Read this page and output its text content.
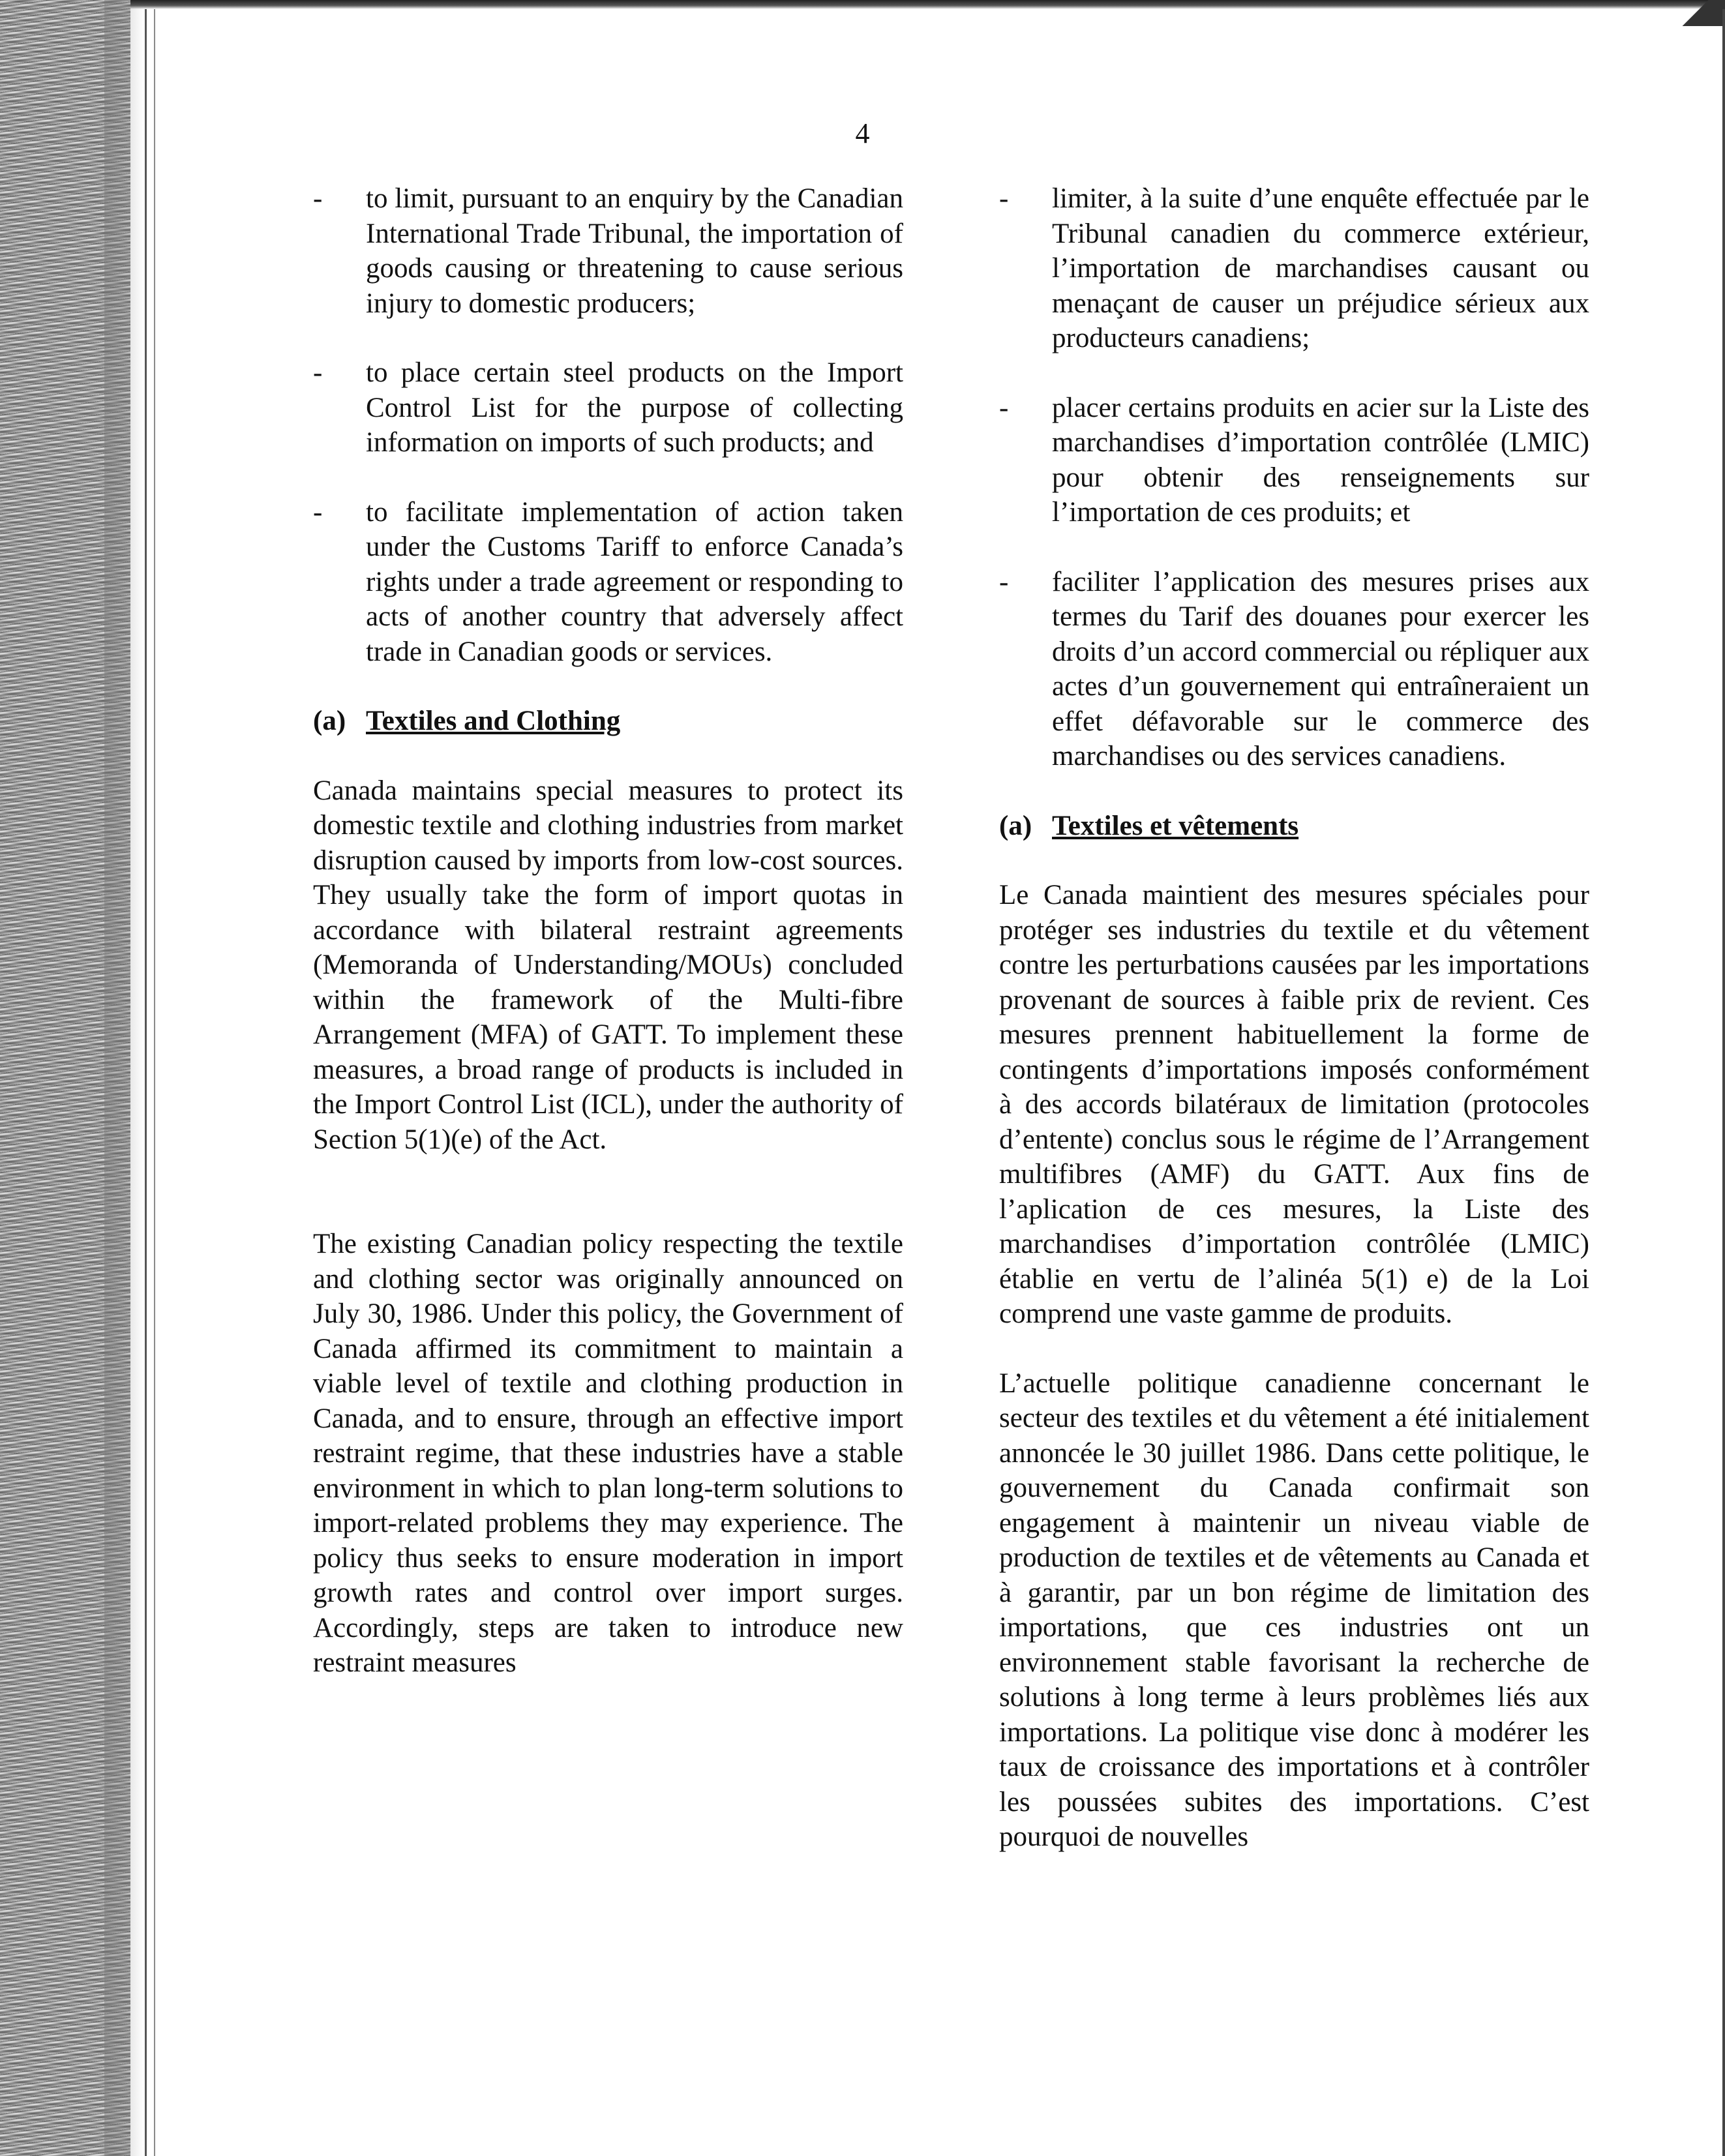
4
- to limit, pursuant to an enquiry by the Canadian International Trade Tribunal, the importation of goods causing or threatening to cause serious injury to domestic producers;
- to place certain steel products on the Import Control List for the purpose of collecting information on imports of such products; and
- to facilitate implementation of action taken under the Customs Tariff to enforce Canada’s rights under a trade agreement or responding to acts of another country that adversely affect trade in Canadian goods or services.
(a) Textiles and Clothing

Canada maintains special measures to protect its domestic textile and clothing industries from market disruption caused by imports from low-cost sources. They usually take the form of import quotas in accordance with bilateral restraint agreements (Memoranda of Understanding/MOUs) concluded within the framework of the Multi-fibre Arrangement (MFA) of GATT. To implement these measures, a broad range of products is included in the Import Control List (ICL), under the authority of Section 5(1)(e) of the Act.

The existing Canadian policy respecting the textile and clothing sector was originally announced on July 30, 1986. Under this policy, the Government of Canada affirmed its commitment to maintain a viable level of textile and clothing production in Canada, and to ensure, through an effective import restraint regime, that these industries have a stable environment in which to plan long-term solutions to import-related problems they may experience. The policy thus seeks to ensure moderation in import growth rates and control over import surges. Accordingly, steps are taken to introduce new restraint measures

- limiter, à la suite d’une enquête effectuée par le Tribunal canadien du commerce extérieur, l’importation de marchandises causant ou menaçant de causer un préjudice sérieux aux producteurs canadiens;
- placer certains produits en acier sur la Liste des marchandises d’importation contrôlée (LMIC) pour obtenir des renseignements sur l’importation de ces produits; et
- faciliter l’application des mesures prises aux termes du Tarif des douanes pour exercer les droits d’un accord commercial ou répliquer aux actes d’un gouvernement qui entraîneraient un effet défavorable sur le commerce des marchandises ou des services canadiens.
(a) Textiles et vêtements

Le Canada maintient des mesures spéciales pour protéger ses industries du textile et du vêtement contre les perturbations causées par les importations provenant de sources à faible prix de revient. Ces mesures prennent habituellement la forme de contingents d’importations imposés conformément à des accords bilatéraux de limitation (protocoles d’entente) conclus sous le régime de l’Arrangement multifibres (AMF) du GATT. Aux fins de l’aplication de ces mesures, la Liste des marchandises d’importation contrôlée (LMIC) établie en vertu de l’alinéa 5(1) e) de la Loi comprend une vaste gamme de produits.

L’actuelle politique canadienne concernant le secteur des textiles et du vêtement a été initialement annoncée le 30 juillet 1986. Dans cette politique, le gouvernement du Canada confirmait son engagement à maintenir un niveau viable de production de textiles et de vêtements au Canada et à garantir, par un bon régime de limitation des importations, que ces industries ont un environnement stable favorisant la recherche de solutions à long terme à leurs problèmes liés aux importations. La politique vise donc à modérer les taux de croissance des importations et à contrôler les poussées subites des importations. C’est pourquoi de nouvelles
